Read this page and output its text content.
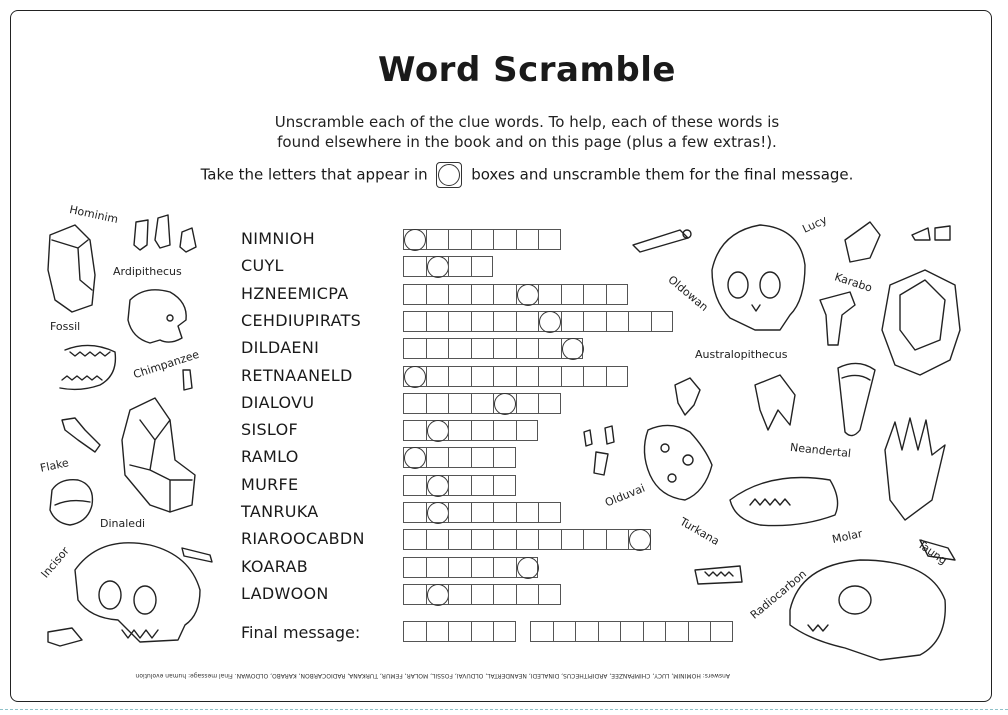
Word Scramble
Unscramble each of the clue words. To help, each of these words is
found elsewhere in the book and on this page (plus a few extras!).
Take the letters that appear in	boxes and unscramble them for the final message.
NIMNIOH
CUYL
HZNEEMICPA
CEHDIUPIRATS
DILDAENI
RETNAANELD
DIALOVU
SISLOF
RAMLO
MURFE
TANRUKA
RIAROOCABDN
KOARAB
LADWOON
Final message:
Answers: HOMINIM, LUCY, CHIMPANZEE, ARDIPITHECUS, DINALEDI, NEANDERTAL, OLDUVAI, FOSSIL, MOLAR, FEMUR, TURKANA, RADIOCARBON, KARABO, OLDOWAN. Final message: human evolution
Hominim
Ardipithecus
Fossil
Chimpanzee
Flake
Dinaledi
Incisor
Lucy
Oldowan	Karabo
Australopithecus
Neandertal
Olduvai
Turkana	Molar
Taung
Radiocarbon
